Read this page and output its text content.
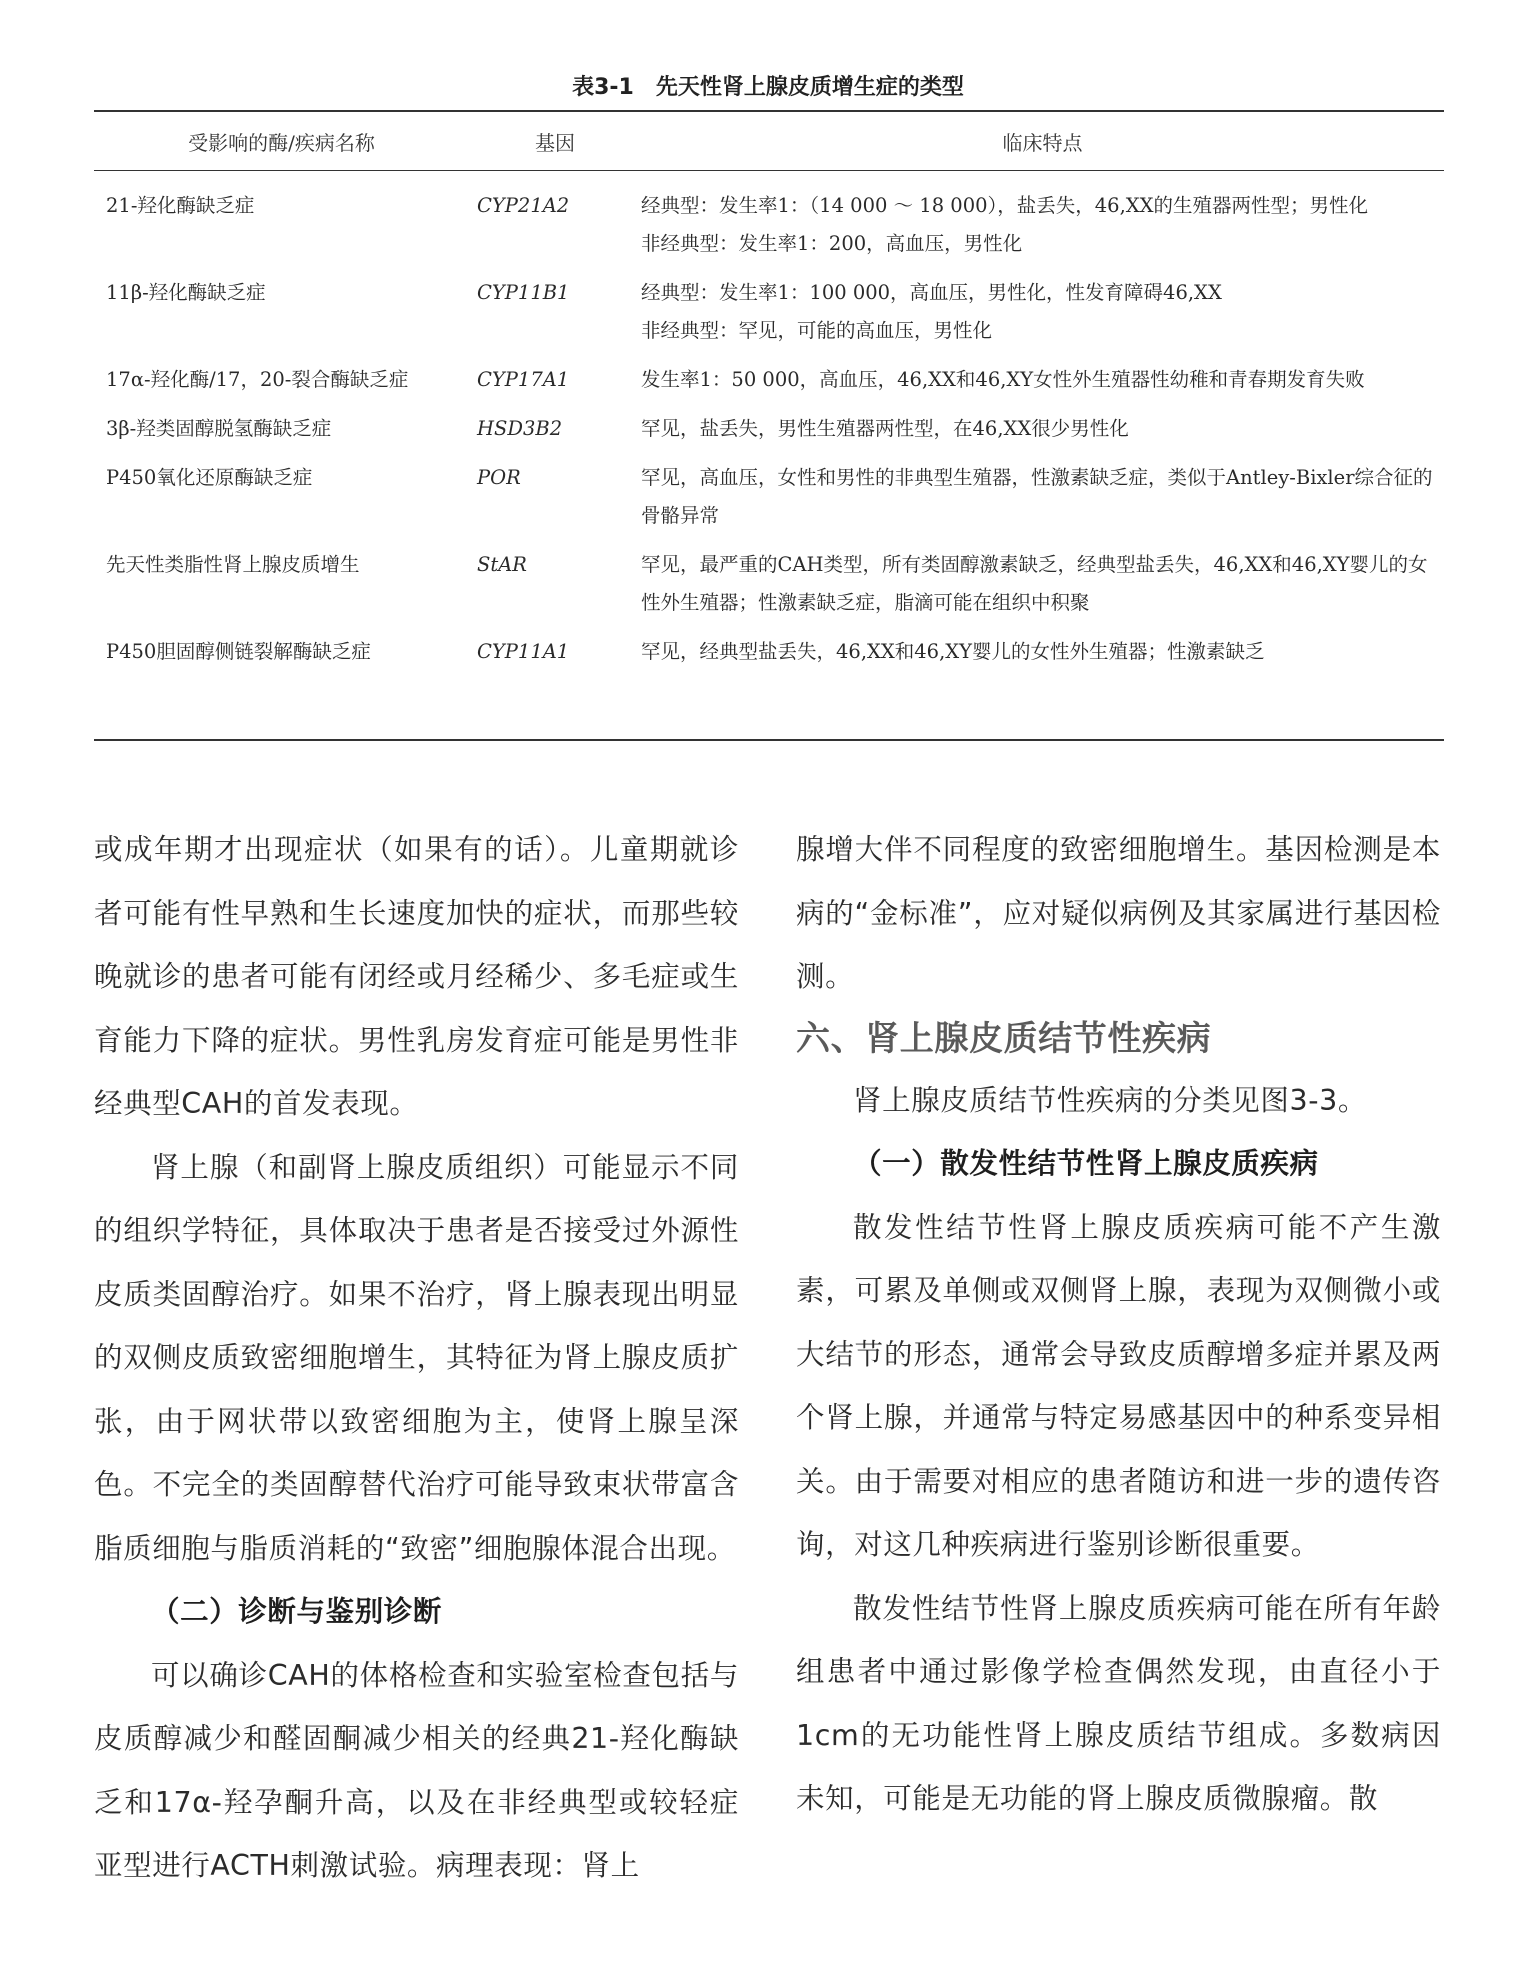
表3-1 先天性肾上腺皮质增生症的类型
受影响的酶/疾病名称	基因	临床特点
21-羟化酶缺乏症	CYP21A2	经典型：发生率1：（14 000 ～ 18 000），盐丢失，46,XX的生殖器两性型；男性化
非经典型：发生率1：200，高血压，男性化

11β-羟化酶缺乏症	CYP11B1	经典型：发生率1：100 000，高血压，男性化，性发育障碍46,XX
非经典型：罕见，可能的高血压，男性化

17α-羟化酶/17，20-裂合酶缺乏症	CYP17A1	发生率1：50 000，高血压，46,XX和46,XY女性外生殖器性幼稚和青春期发育失败

3β-羟类固醇脱氢酶缺乏症	HSD3B2	罕见，盐丢失，男性生殖器两性型，在46,XX很少男性化

P450氧化还原酶缺乏症	POR	罕见，高血压，女性和男性的非典型生殖器，性激素缺乏症，类似于Antley-Bixler综合征的骨骼异常

先天性类脂性肾上腺皮质增生	StAR	罕见，最严重的CAH类型，所有类固醇激素缺乏，经典型盐丢失，46,XX和46,XY婴儿的女性外生殖器；性激素缺乏症，脂滴可能在组织中积聚

P450胆固醇侧链裂解酶缺乏症	CYP11A1	罕见，经典型盐丢失，46,XX和46,XY婴儿的女性外生殖器；性激素缺乏

或成年期才出现症状（如果有的话）。儿童期就诊者可能有性早熟和生长速度加快的症状，而那些较晚就诊的患者可能有闭经或月经稀少、多毛症或生育能力下降的症状。男性乳房发育症可能是男性非经典型CAH的首发表现。

肾上腺（和副肾上腺皮质组织）可能显示不同的组织学特征，具体取决于患者是否接受过外源性皮质类固醇治疗。如果不治疗，肾上腺表现出明显的双侧皮质致密细胞增生，其特征为肾上腺皮质扩张，由于网状带以致密细胞为主，使肾上腺呈深色。不完全的类固醇替代治疗可能导致束状带富含脂质细胞与脂质消耗的“致密”细胞腺体混合出现。

（二）诊断与鉴别诊断

可以确诊CAH的体格检查和实验室检查包括与皮质醇减少和醛固酮减少相关的经典21-羟化酶缺乏和17α-羟孕酮升高，以及在非经典型或较轻症亚型进行ACTH刺激试验。病理表现：肾上

腺增大伴不同程度的致密细胞增生。基因检测是本病的“金标准”，应对疑似病例及其家属进行基因检测。

六、肾上腺皮质结节性疾病

肾上腺皮质结节性疾病的分类见图3-3。

（一）散发性结节性肾上腺皮质疾病

散发性结节性肾上腺皮质疾病可能不产生激素，可累及单侧或双侧肾上腺，表现为双侧微小或大结节的形态，通常会导致皮质醇增多症并累及两个肾上腺，并通常与特定易感基因中的种系变异相关。由于需要对相应的患者随访和进一步的遗传咨询，对这几种疾病进行鉴别诊断很重要。

散发性结节性肾上腺皮质疾病可能在所有年龄组患者中通过影像学检查偶然发现，由直径小于1cm的无功能性肾上腺皮质结节组成。多数病因未知，可能是无功能的肾上腺皮质微腺瘤。散
